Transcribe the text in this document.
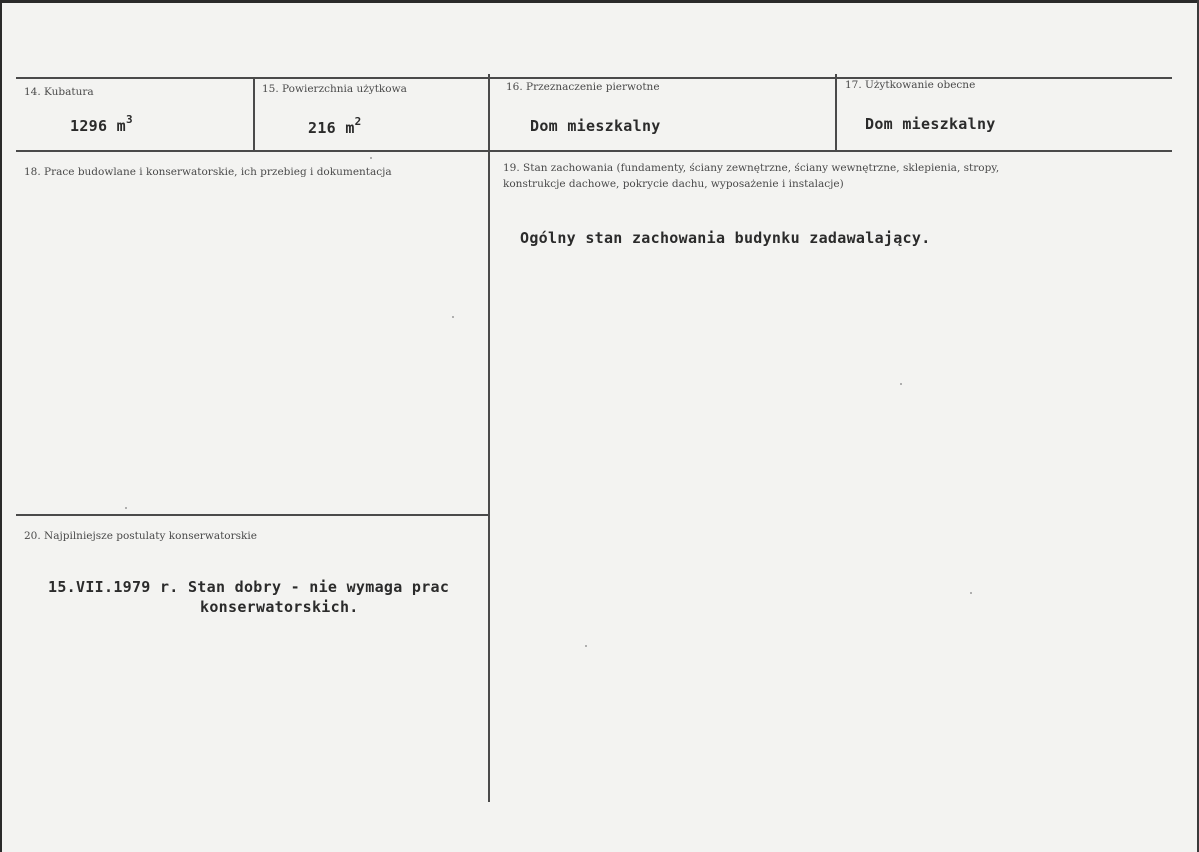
14. Kubatura
1296 $m^3$
15. Powierzchnia użytkowa
216 $m^2$
16. Przeznaczenie pierwotne
Dom mieszkalny
17. Użytkowanie obecne
Dom mieszkalny
18. Prace budowlane i konserwatorskie, ich przebieg i dokumentacja	19. Stan zachowania (fundamenty, ściany zewnętrzne, ściany wewnętrzne, sklepienia, stropy,
konstrukcje dachowe, pokrycie dachu, wyposażenie i instalacje)
Ogólny stan zachowania budynku zadawalający.
20. Najpilniejsze postulaty konserwatorskie
15.VII.1979 r. Stan dobry - nie wymaga prac
konserwatorskich.
